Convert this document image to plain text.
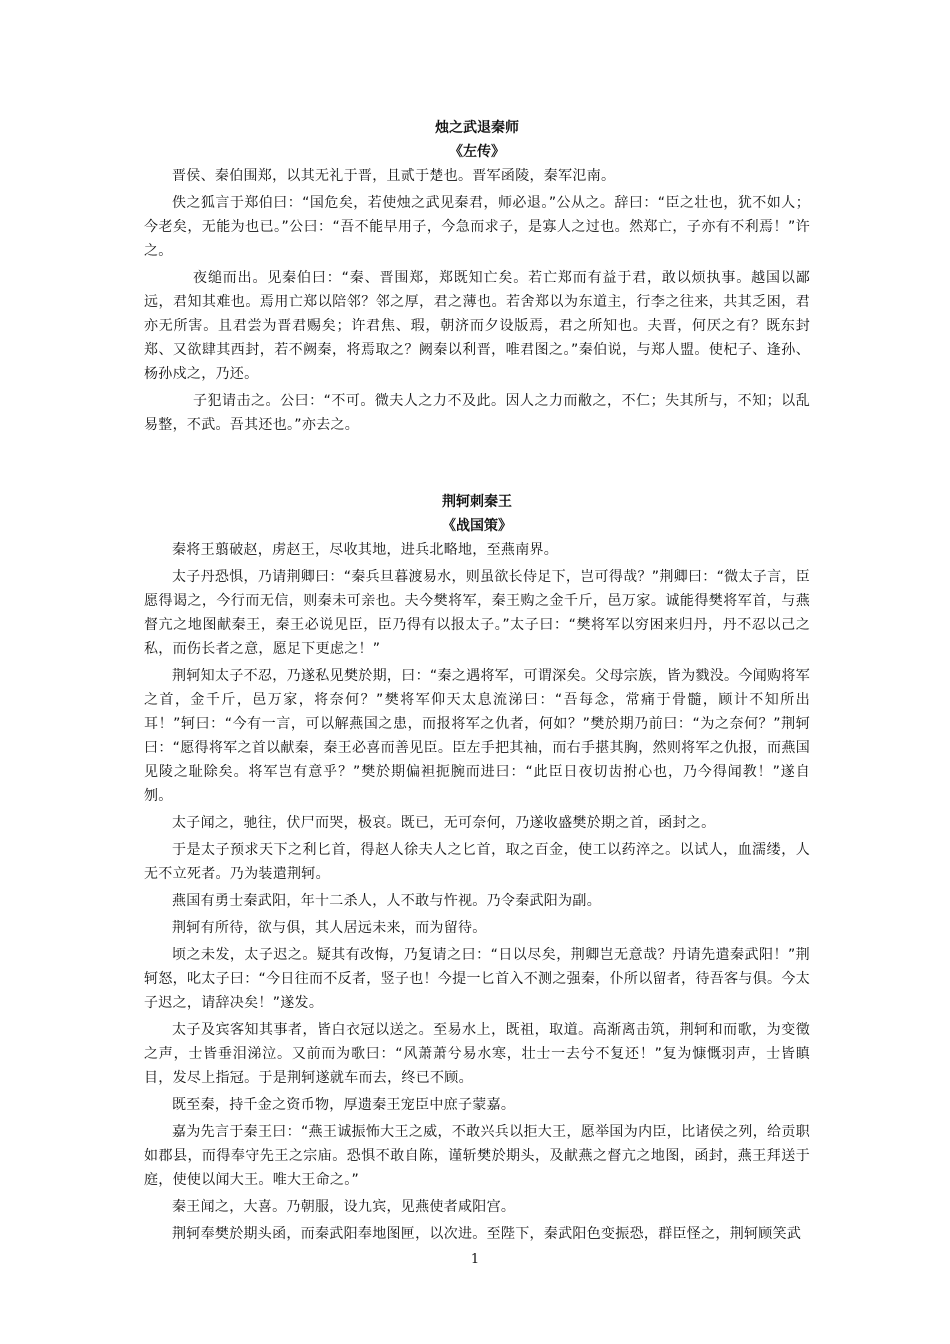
烛之武退秦师
《左传》

晋侯、秦伯围郑，以其无礼于晋，且贰于楚也。晋军函陵，秦军氾南。

佚之狐言于郑伯曰：“国危矣，若使烛之武见秦君，师必退。”公从之。辞曰：“臣之壮也，犹不如人；今老矣，无能为也已。”公曰：“吾不能早用子，今急而求子，是寡人之过也。然郑亡，子亦有不利焉！”许之。

夜缒而出。见秦伯曰：“秦、晋围郑，郑既知亡矣。若亡郑而有益于君，敢以烦执事。越国以鄙远，君知其难也。焉用亡郑以陪邻？邻之厚，君之薄也。若舍郑以为东道主，行李之往来，共其乏困，君亦无所害。且君尝为晋君赐矣；许君焦、瑕，朝济而夕设版焉，君之所知也。夫晋，何厌之有？既东封郑、又欲肆其西封，若不阙秦，将焉取之？阙秦以利晋，唯君图之。”秦伯说，与郑人盟。使杞子、逢孙、杨孙戍之，乃还。

子犯请击之。公曰：“不可。微夫人之力不及此。因人之力而敝之，不仁；失其所与，不知；以乱易整，不武。吾其还也。”亦去之。

荆轲刺秦王
《战国策》

秦将王翦破赵，虏赵王，尽收其地，进兵北略地，至燕南界。

太子丹恐惧，乃请荆卿曰：“秦兵旦暮渡易水，则虽欲长侍足下，岂可得哉？”荆卿曰：“微太子言，臣愿得谒之，今行而无信，则秦未可亲也。夫今樊将军，秦王购之金千斤，邑万家。诚能得樊将军首，与燕督亢之地图献秦王，秦王必说见臣，臣乃得有以报太子。”太子曰：“樊将军以穷困来归丹，丹不忍以己之私，而伤长者之意，愿足下更虑之！”

荆轲知太子不忍，乃遂私见樊於期，曰：“秦之遇将军，可谓深矣。父母宗族，皆为戮没。今闻购将军之首，金千斤，邑万家，将奈何？”樊将军仰天太息流涕曰：“吾每念，常痛于骨髓，顾计不知所出耳！”轲曰：“今有一言，可以解燕国之患，而报将军之仇者，何如？”樊於期乃前曰：“为之奈何？”荆轲曰：“愿得将军之首以献秦，秦王必喜而善见臣。臣左手把其袖，而右手揕其胸，然则将军之仇报，而燕国见陵之耻除矣。将军岂有意乎？”樊於期偏袒扼腕而进曰：“此臣日夜切齿拊心也，乃今得闻教！”遂自刎。

太子闻之，驰往，伏尸而哭，极哀。既已，无可奈何，乃遂收盛樊於期之首，函封之。

于是太子预求天下之利匕首，得赵人徐夫人之匕首，取之百金，使工以药淬之。以试人，血濡缕，人无不立死者。乃为装遣荆轲。

燕国有勇士秦武阳，年十二杀人，人不敢与忤视。乃令秦武阳为副。

荆轲有所待，欲与俱，其人居远未来，而为留待。

顷之未发，太子迟之。疑其有改悔，乃复请之曰：“日以尽矣，荆卿岂无意哉？丹请先遣秦武阳！”荆轲怒，叱太子曰：“今日往而不反者，竖子也！今提一匕首入不测之强秦，仆所以留者，待吾客与俱。今太子迟之，请辞决矣！”遂发。

太子及宾客知其事者，皆白衣冠以送之。至易水上，既祖，取道。高渐离击筑，荆轲和而歌，为变徵之声，士皆垂泪涕泣。又前而为歌曰：“风萧萧兮易水寒，壮士一去兮不复还！”复为慷慨羽声，士皆瞋目，发尽上指冠。于是荆轲遂就车而去，终已不顾。

既至秦，持千金之资币物，厚遗秦王宠臣中庶子蒙嘉。

嘉为先言于秦王曰：“燕王诚振怖大王之威，不敢兴兵以拒大王，愿举国为内臣，比诸侯之列，给贡职如郡县，而得奉守先王之宗庙。恐惧不敢自陈，谨斩樊於期头，及献燕之督亢之地图，函封，燕王拜送于庭，使使以闻大王。唯大王命之。”

秦王闻之，大喜。乃朝服，设九宾，见燕使者咸阳宫。

荆轲奉樊於期头函，而秦武阳奉地图匣，以次进。至陛下，秦武阳色变振恐，群臣怪之，荆轲顾笑武

1
